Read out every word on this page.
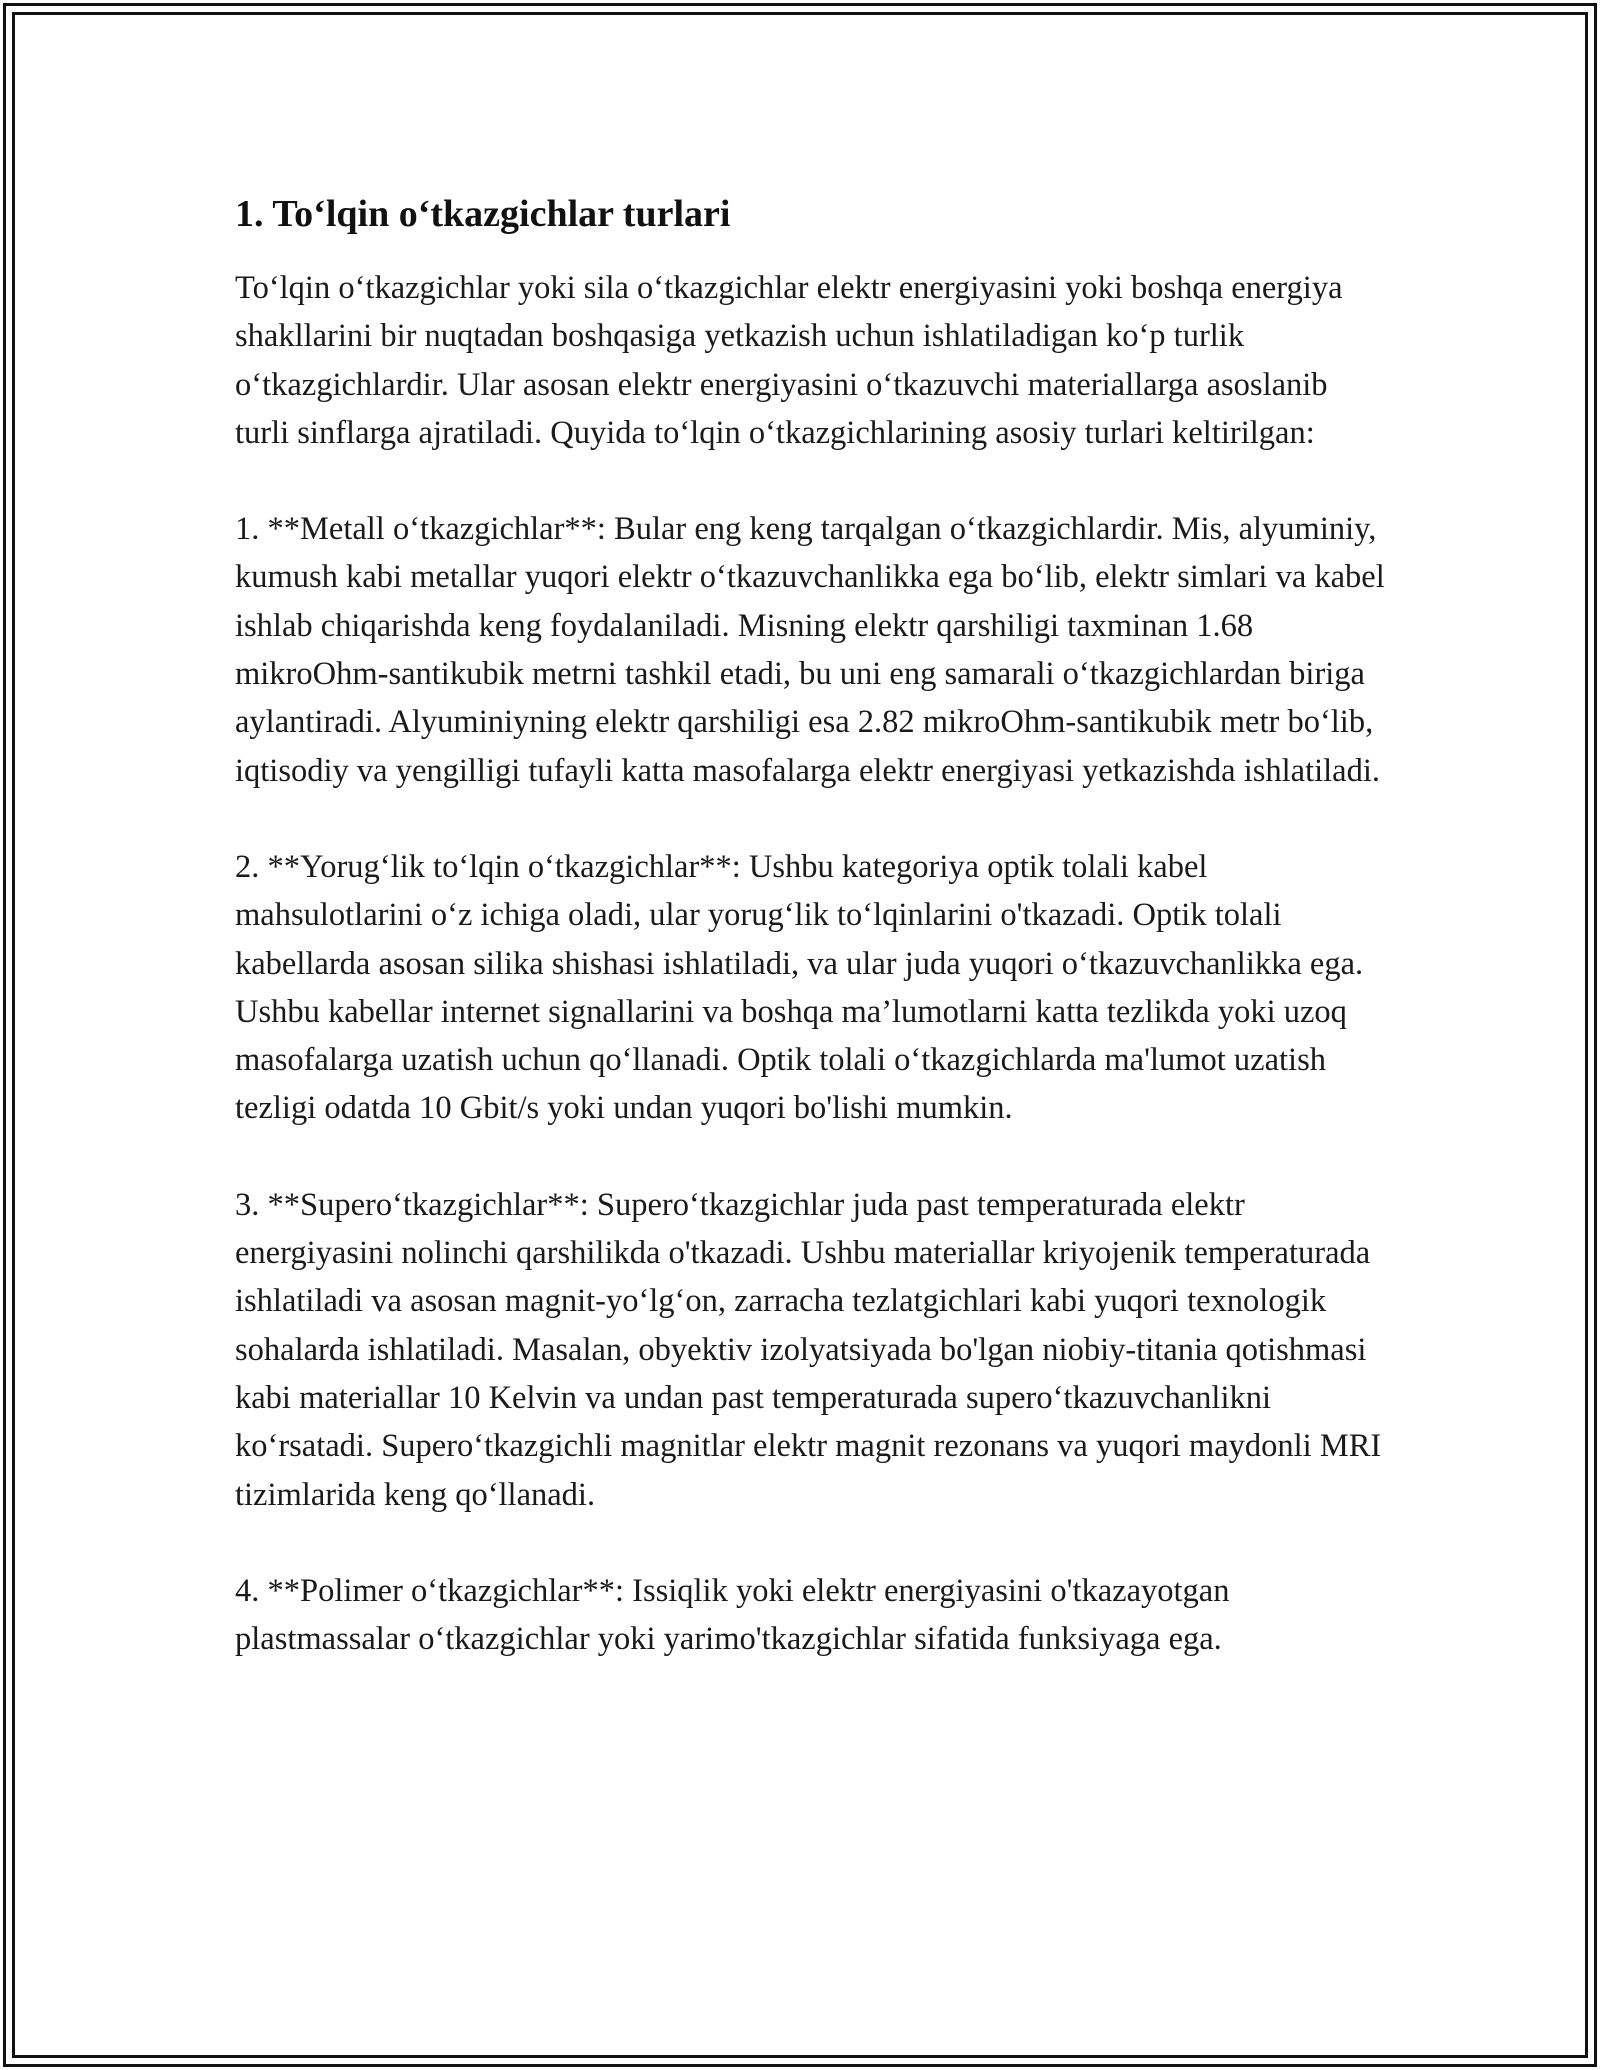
1. To‘lqin o‘tkazgichlar turlari

To‘lqin o‘tkazgichlar yoki sila o‘tkazgichlar elektr energiyasini yoki boshqa energiya shakllarini bir nuqtadan boshqasiga yetkazish uchun ishlatiladigan ko‘p turlik o‘tkazgichlardir. Ular asosan elektr energiyasini o‘tkazuvchi materiallarga asoslanib turli sinflarga ajratiladi. Quyida to‘lqin o‘tkazgichlarining asosiy turlari keltirilgan:

1. **Metall o‘tkazgichlar**: Bular eng keng tarqalgan o‘tkazgichlardir. Mis, alyuminiy, kumush kabi metallar yuqori elektr o‘tkazuvchanlikka ega bo‘lib, elektr simlari va kabel ishlab chiqarishda keng foydalaniladi. Misning elektr qarshiligi taxminan 1.68 mikroOhm-santikubik metrni tashkil etadi, bu uni eng samarali o‘tkazgichlardan biriga aylantiradi. Alyuminiyning elektr qarshiligi esa 2.82 mikroOhm-santikubik metr bo‘lib, iqtisodiy va yengilligi tufayli katta masofalarga elektr energiyasi yetkazishda ishlatiladi.

2. **Yorug‘lik to‘lqin o‘tkazgichlar**: Ushbu kategoriya optik tolali kabel mahsulotlarini o‘z ichiga oladi, ular yorug‘lik to‘lqinlarini o'tkazadi. Optik tolali kabellarda asosan silika shishasi ishlatiladi, va ular juda yuqori o‘tkazuvchanlikka ega. Ushbu kabellar internet signallarini va boshqa ma’lumotlarni katta tezlikda yoki uzoq masofalarga uzatish uchun qo‘llanadi. Optik tolali o‘tkazgichlarda ma'lumot uzatish tezligi odatda 10 Gbit/s yoki undan yuqori bo'lishi mumkin.

3. **Supero‘tkazgichlar**: Supero‘tkazgichlar juda past temperaturada elektr energiyasini nolinchi qarshilikda o'tkazadi. Ushbu materiallar kriyojenik temperaturada ishlatiladi va asosan magnit-yo‘lg‘on, zarracha tezlatgichlari kabi yuqori texnologik sohalarda ishlatiladi. Masalan, obyektiv izolyatsiyada bo'lgan niobiy-titania qotishmasi kabi materiallar 10 Kelvin va undan past temperaturada supero‘tkazuvchanlikni ko‘rsatadi. Supero‘tkazgichli magnitlar elektr magnit rezonans va yuqori maydonli MRI tizimlarida keng qo‘llanadi.

4. **Polimer o‘tkazgichlar**: Issiqlik yoki elektr energiyasini o'tkazayotgan plastmassalar o‘tkazgichlar yoki yarimo'tkazgichlar sifatida funksiyaga ega.
